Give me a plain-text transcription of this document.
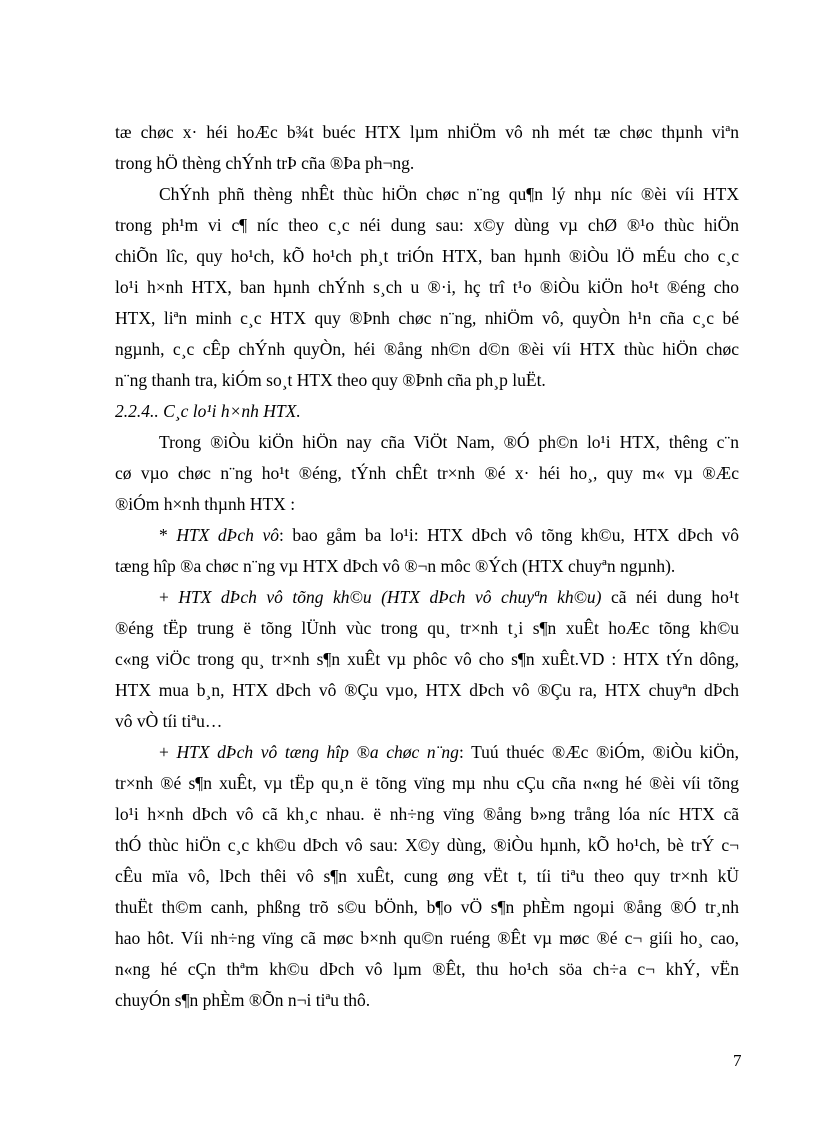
tæ chøc x· héi hoÆc b¾t buéc HTX lµm nhiÖm vô nh mét tæ chøc thµnh viªn
trong hÖ thèng chÝnh trÞ cña ®Þa ph¬ng.
ChÝnh phñ thèng nhÊt thùc hiÖn chøc n¨ng qu¶n lý nhµ níc ®èi víi HTX
trong ph¹m vi c¶ níc theo c¸c néi dung sau: x©y dùng vµ chØ ®¹o thùc hiÖn
chiÕn lîc, quy ho¹ch, kÕ ho¹ch ph¸t triÓn HTX, ban hµnh ®iÒu lÖ mÉu cho c¸c
lo¹i h×nh HTX, ban hµnh chÝnh s¸ch u ®·i, hç trî t¹o ®iÒu kiÖn ho¹t ®éng cho
HTX, liªn minh c¸c HTX quy ®Þnh chøc n¨ng, nhiÖm vô, quyÒn h¹n cña c¸c bé
ngµnh, c¸c cÊp chÝnh quyÒn, héi ®ång nh©n d©n ®èi víi HTX thùc hiÖn chøc
n¨ng thanh tra, kiÓm so¸t HTX theo quy ®Þnh cña ph¸p luËt.
2.2.4.. C¸c lo¹i h×nh HTX.
Trong ®iÒu kiÖn hiÖn nay cña ViÖt Nam, ®Ó ph©n lo¹i HTX, thêng c¨n
cø vµo chøc n¨ng ho¹t ®éng, tÝnh chÊt tr×nh ®é x· héi ho¸, quy m« vµ ®Æc
®iÓm h×nh thµnh HTX :
* HTX dÞch vô: bao gåm ba lo¹i: HTX dÞch vô tõng kh©u, HTX dÞch vô
tæng hîp ®a chøc n¨ng vµ HTX dÞch vô ®¬n môc ®Ých (HTX chuyªn ngµnh).
+ HTX dÞch vô tõng kh©u (HTX dÞch vô chuyªn kh©u) cã néi dung ho¹t
®éng tËp trung ë tõng lÜnh vùc trong qu¸ tr×nh t¸i s¶n xuÊt hoÆc tõng kh©u
c«ng viÖc trong qu¸ tr×nh s¶n xuÊt vµ phôc vô cho s¶n xuÊt.VD : HTX tÝn dông,
HTX mua b¸n, HTX dÞch vô ®Çu vµo, HTX dÞch vô ®Çu ra, HTX chuyªn dÞch
vô vÒ tíi tiªu…
+ HTX dÞch vô tæng hîp ®a chøc n¨ng: Tuú thuéc ®Æc ®iÓm, ®iÒu kiÖn,
tr×nh ®é s¶n xuÊt, vµ tËp qu¸n ë tõng vïng mµ nhu cÇu cña n«ng hé ®èi víi tõng
lo¹i h×nh dÞch vô cã kh¸c nhau. ë nh÷ng vïng ®ång b»ng trång lóa níc HTX cã
thÓ thùc hiÖn c¸c kh©u dÞch vô sau: X©y dùng, ®iÒu hµnh, kÕ ho¹ch, bè trÝ c¬
cÊu mïa vô, lÞch thêi vô s¶n xuÊt, cung øng vËt t, tíi tiªu theo quy tr×nh kÜ
thuËt th©m canh, phßng trõ s©u bÖnh, b¶o vÖ s¶n phÈm ngoµi ®ång ®Ó tr¸nh
hao hôt. Víi nh÷ng vïng cã møc b×nh qu©n ruéng ®Êt vµ møc ®é c¬ giíi ho¸ cao,
n«ng hé cÇn thªm kh©u dÞch vô lµm ®Êt, thu ho¹ch söa ch÷a c¬ khÝ, vËn
chuyÓn s¶n phÈm ®Õn n¬i tiªu thô.
7
